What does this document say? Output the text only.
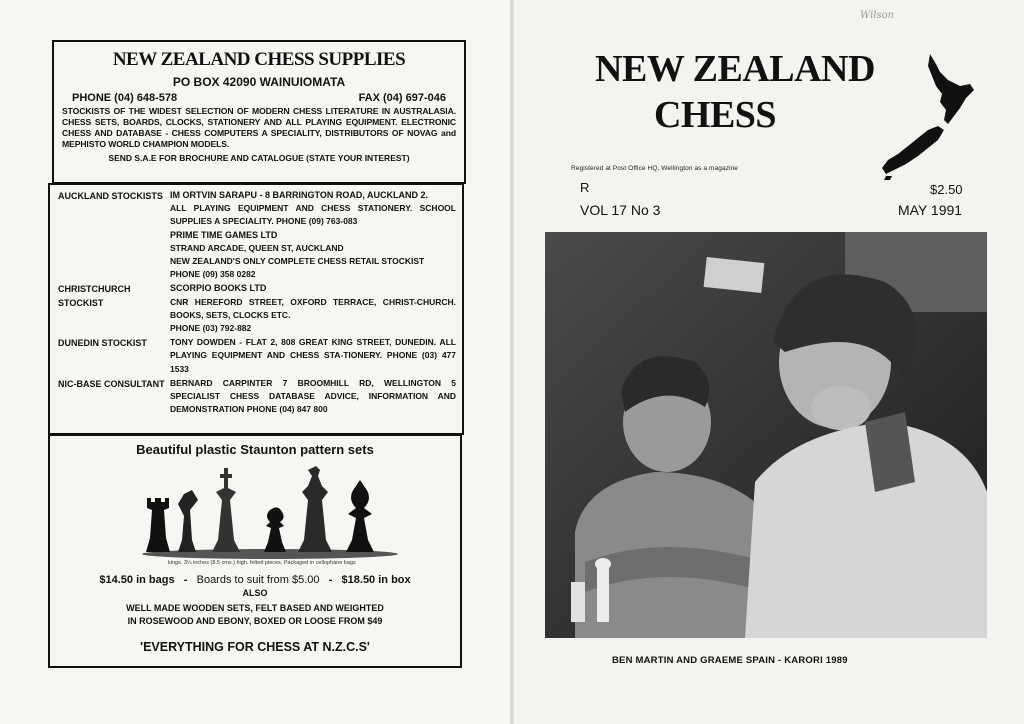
NEW ZEALAND CHESS SUPPLIES
PO BOX 42090 WAINUIOMATA
PHONE (04) 648-578	FAX (04) 697-046
STOCKISTS OF THE WIDEST SELECTION OF MODERN CHESS LITERATURE IN AUSTRALASIA. CHESS SETS, BOARDS, CLOCKS, STATIONERY AND ALL PLAYING EQUIPMENT. ELECTRONIC CHESS AND DATABASE - CHESS COMPUTERS A SPECIALITY, DISTRIBUTORS OF NOVAG and MEPHISTO WORLD CHAMPION MODELS.
SEND S.A.E FOR BROCHURE AND CATALOGUE (STATE YOUR INTEREST)
AUCKLAND STOCKISTS IM ORTVIN SARAPU - 8 BARRINGTON ROAD, AUCKLAND 2.
ALL PLAYING EQUIPMENT AND CHESS STATIONERY. SCHOOL SUPPLIES A SPECIALITY. PHONE (09) 763-083
PRIME TIME GAMES LTD
STRAND ARCADE, QUEEN ST, AUCKLAND
NEW ZEALAND'S ONLY COMPLETE CHESS RETAIL STOCKIST
PHONE (09) 358 0282
CHRISTCHURCH STOCKIST
SCORPIO BOOKS LTD
CNR HEREFORD STREET, OXFORD TERRACE, CHRIST-CHURCH. BOOKS, SETS, CLOCKS ETC.
PHONE (03) 792-882
DUNEDIN STOCKIST	TONY DOWDEN - FLAT 2, 808 GREAT KING STREET, DUNEDIN. ALL PLAYING EQUIPMENT AND CHESS STA-TIONERY. PHONE (03) 477 1533
NIC-BASE CONSULTANT BERNARD CARPINTER 7 BROOMHILL RD, WELLINGTON 5 SPECIALIST CHESS DATABASE ADVICE, INFORMATION AND DEMONSTRATION PHONE (04) 847 800
Beautiful plastic Staunton pattern sets
kings. 3¼ inches (8.5 cms.) high. felted pieces. Packaged in cellophane bags
$14.50 in bags   -   Boards to suit from $5.00   -   $18.50 in box
ALSO
WELL MADE WOODEN SETS, FELT BASED AND WEIGHTED
IN ROSEWOOD AND EBONY, BOXED OR LOOSE FROM $49
'EVERYTHING FOR CHESS AT N.Z.C.S'
Wilson
NEW ZEALAND
CHESS
Registered at Post Office HQ, Wellington as a magazine
R
VOL 17 No 3
$2.50
MAY 1991
BEN MARTIN AND GRAEME SPAIN - KARORI 1989
